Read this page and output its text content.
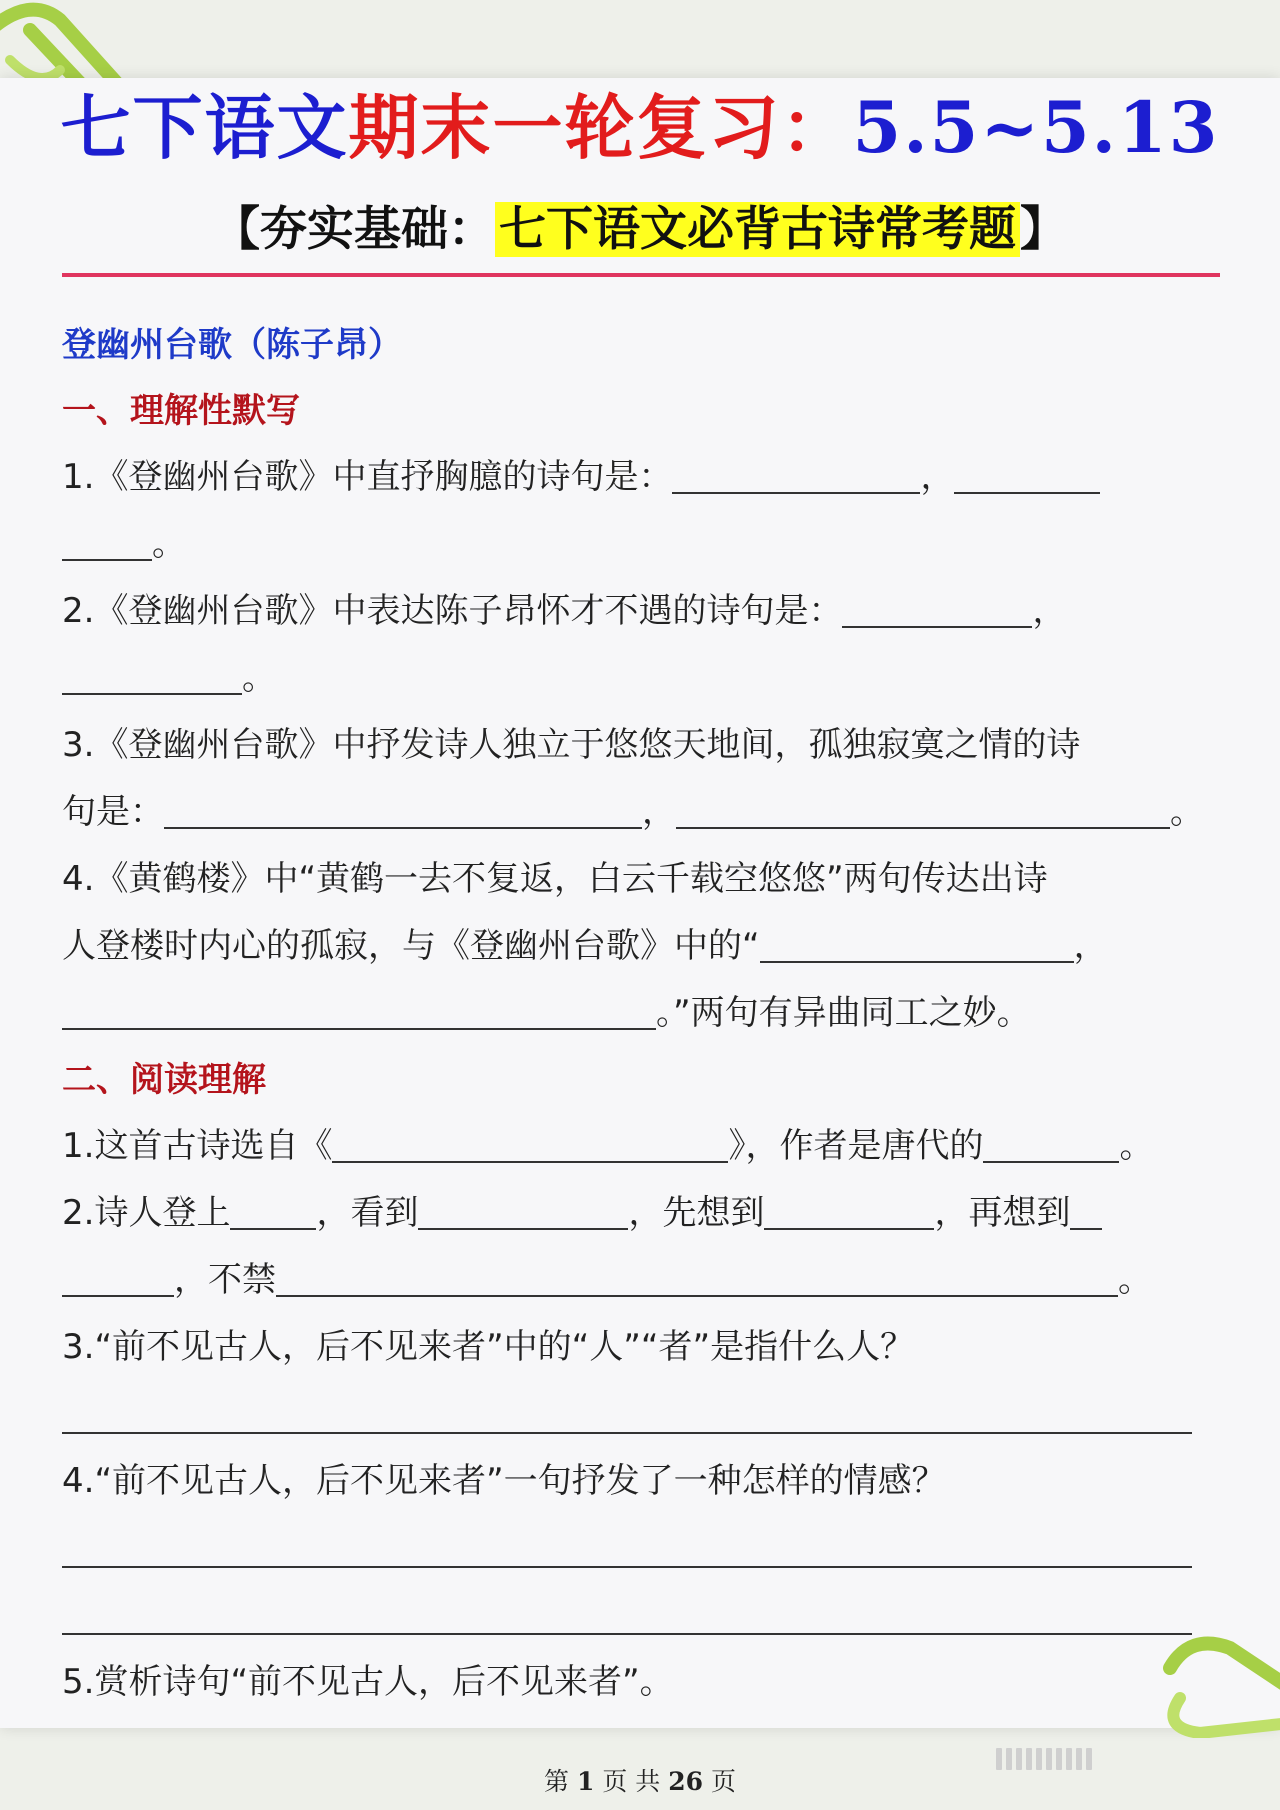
七下语文期末一轮复习：5.5~5.13
【夯实基础：七下语文必背古诗常考题】
登幽州台歌（陈子昂）
一、理解性默写
1.《登幽州台歌》中直抒胸臆的诗句是：	，
。
2.《登幽州台歌》中表达陈子昂怀才不遇的诗句是：	，
。
3.《登幽州台歌》中抒发诗人独立于悠悠天地间，孤独寂寞之情的诗
句是：	，	。
4.《黄鹤楼》中“黄鹤一去不复返，白云千载空悠悠”两句传达出诗
人登楼时内心的孤寂，与《登幽州台歌》中的“	，
。”两句有异曲同工之妙。
二、阅读理解
1.这首古诗选自《	》，作者是唐代的	。
2.诗人登上	，看到	，先想到	，再想到
，不禁	。
3.“前不见古人，后不见来者”中的“人”“者”是指什么人？
4.“前不见古人，后不见来者”一句抒发了一种怎样的情感？
5.赏析诗句“前不见古人，后不见来者”。
第 1 页 共 26 页
